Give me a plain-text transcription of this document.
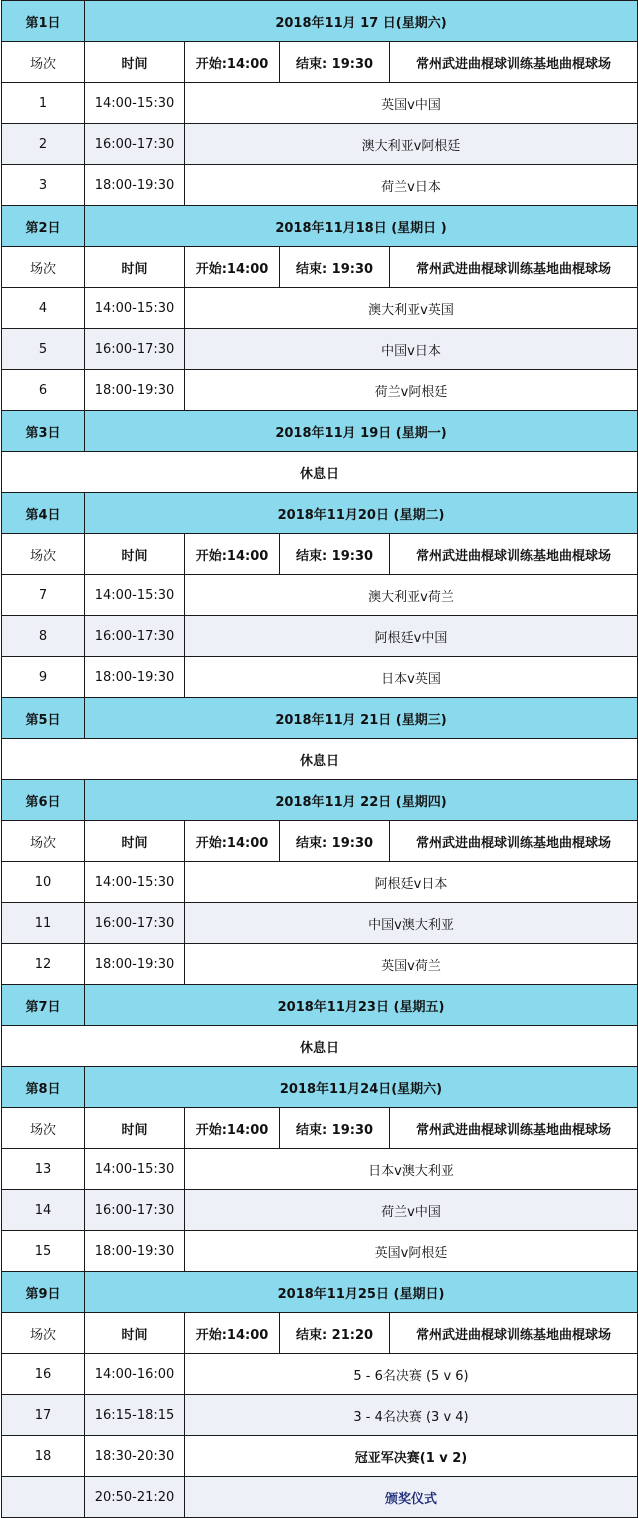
第1日	2018年11月 17 日(星期六)			
场次	时间	开始:14:00	结束: 19:30	常州武进曲棍球训练基地曲棍球场
1	14:00-15:30	英国v中国		
2	16:00-17:30	澳大利亚v阿根廷		
3	18:00-19:30	荷兰v日本		
第2日	2018年11月18日 (星期日 )			
场次	时间	开始:14:00	结束: 19:30	常州武进曲棍球训练基地曲棍球场
4	14:00-15:30	澳大利亚v英国		
5	16:00-17:30	中国v日本		
6	18:00-19:30	荷兰v阿根廷		
第3日	2018年11月 19日 (星期一)			
休息日				
第4日	2018年11月20日 (星期二)			
场次	时间	开始:14:00	结束: 19:30	常州武进曲棍球训练基地曲棍球场
7	14:00-15:30	澳大利亚v荷兰		
8	16:00-17:30	阿根廷v中国		
9	18:00-19:30	日本v英国		
第5日	2018年11月 21日 (星期三)			
休息日				
第6日	2018年11月 22日 (星期四)			
场次	时间	开始:14:00	结束: 19:30	常州武进曲棍球训练基地曲棍球场
10	14:00-15:30	阿根廷v日本		
11	16:00-17:30	中国v澳大利亚		
12	18:00-19:30	英国v荷兰		
第7日	2018年11月23日 (星期五)			
休息日				
第8日	2018年11月24日(星期六)			
场次	时间	开始:14:00	结束: 19:30	常州武进曲棍球训练基地曲棍球场
13	14:00-15:30	日本v澳大利亚		
14	16:00-17:30	荷兰v中国		
15	18:00-19:30	英国v阿根廷		
第9日	2018年11月25日 (星期日)			
场次	时间	开始:14:00	结束: 21:20	常州武进曲棍球训练基地曲棍球场
16	14:00-16:00	5 - 6名决赛 (5 v 6)		
17	16:15-18:15	3 - 4名决赛 (3 v 4)		
18	18:30-20:30	冠亚军决赛(1 v 2)		
	20:50-21:20	颁奖仪式		
